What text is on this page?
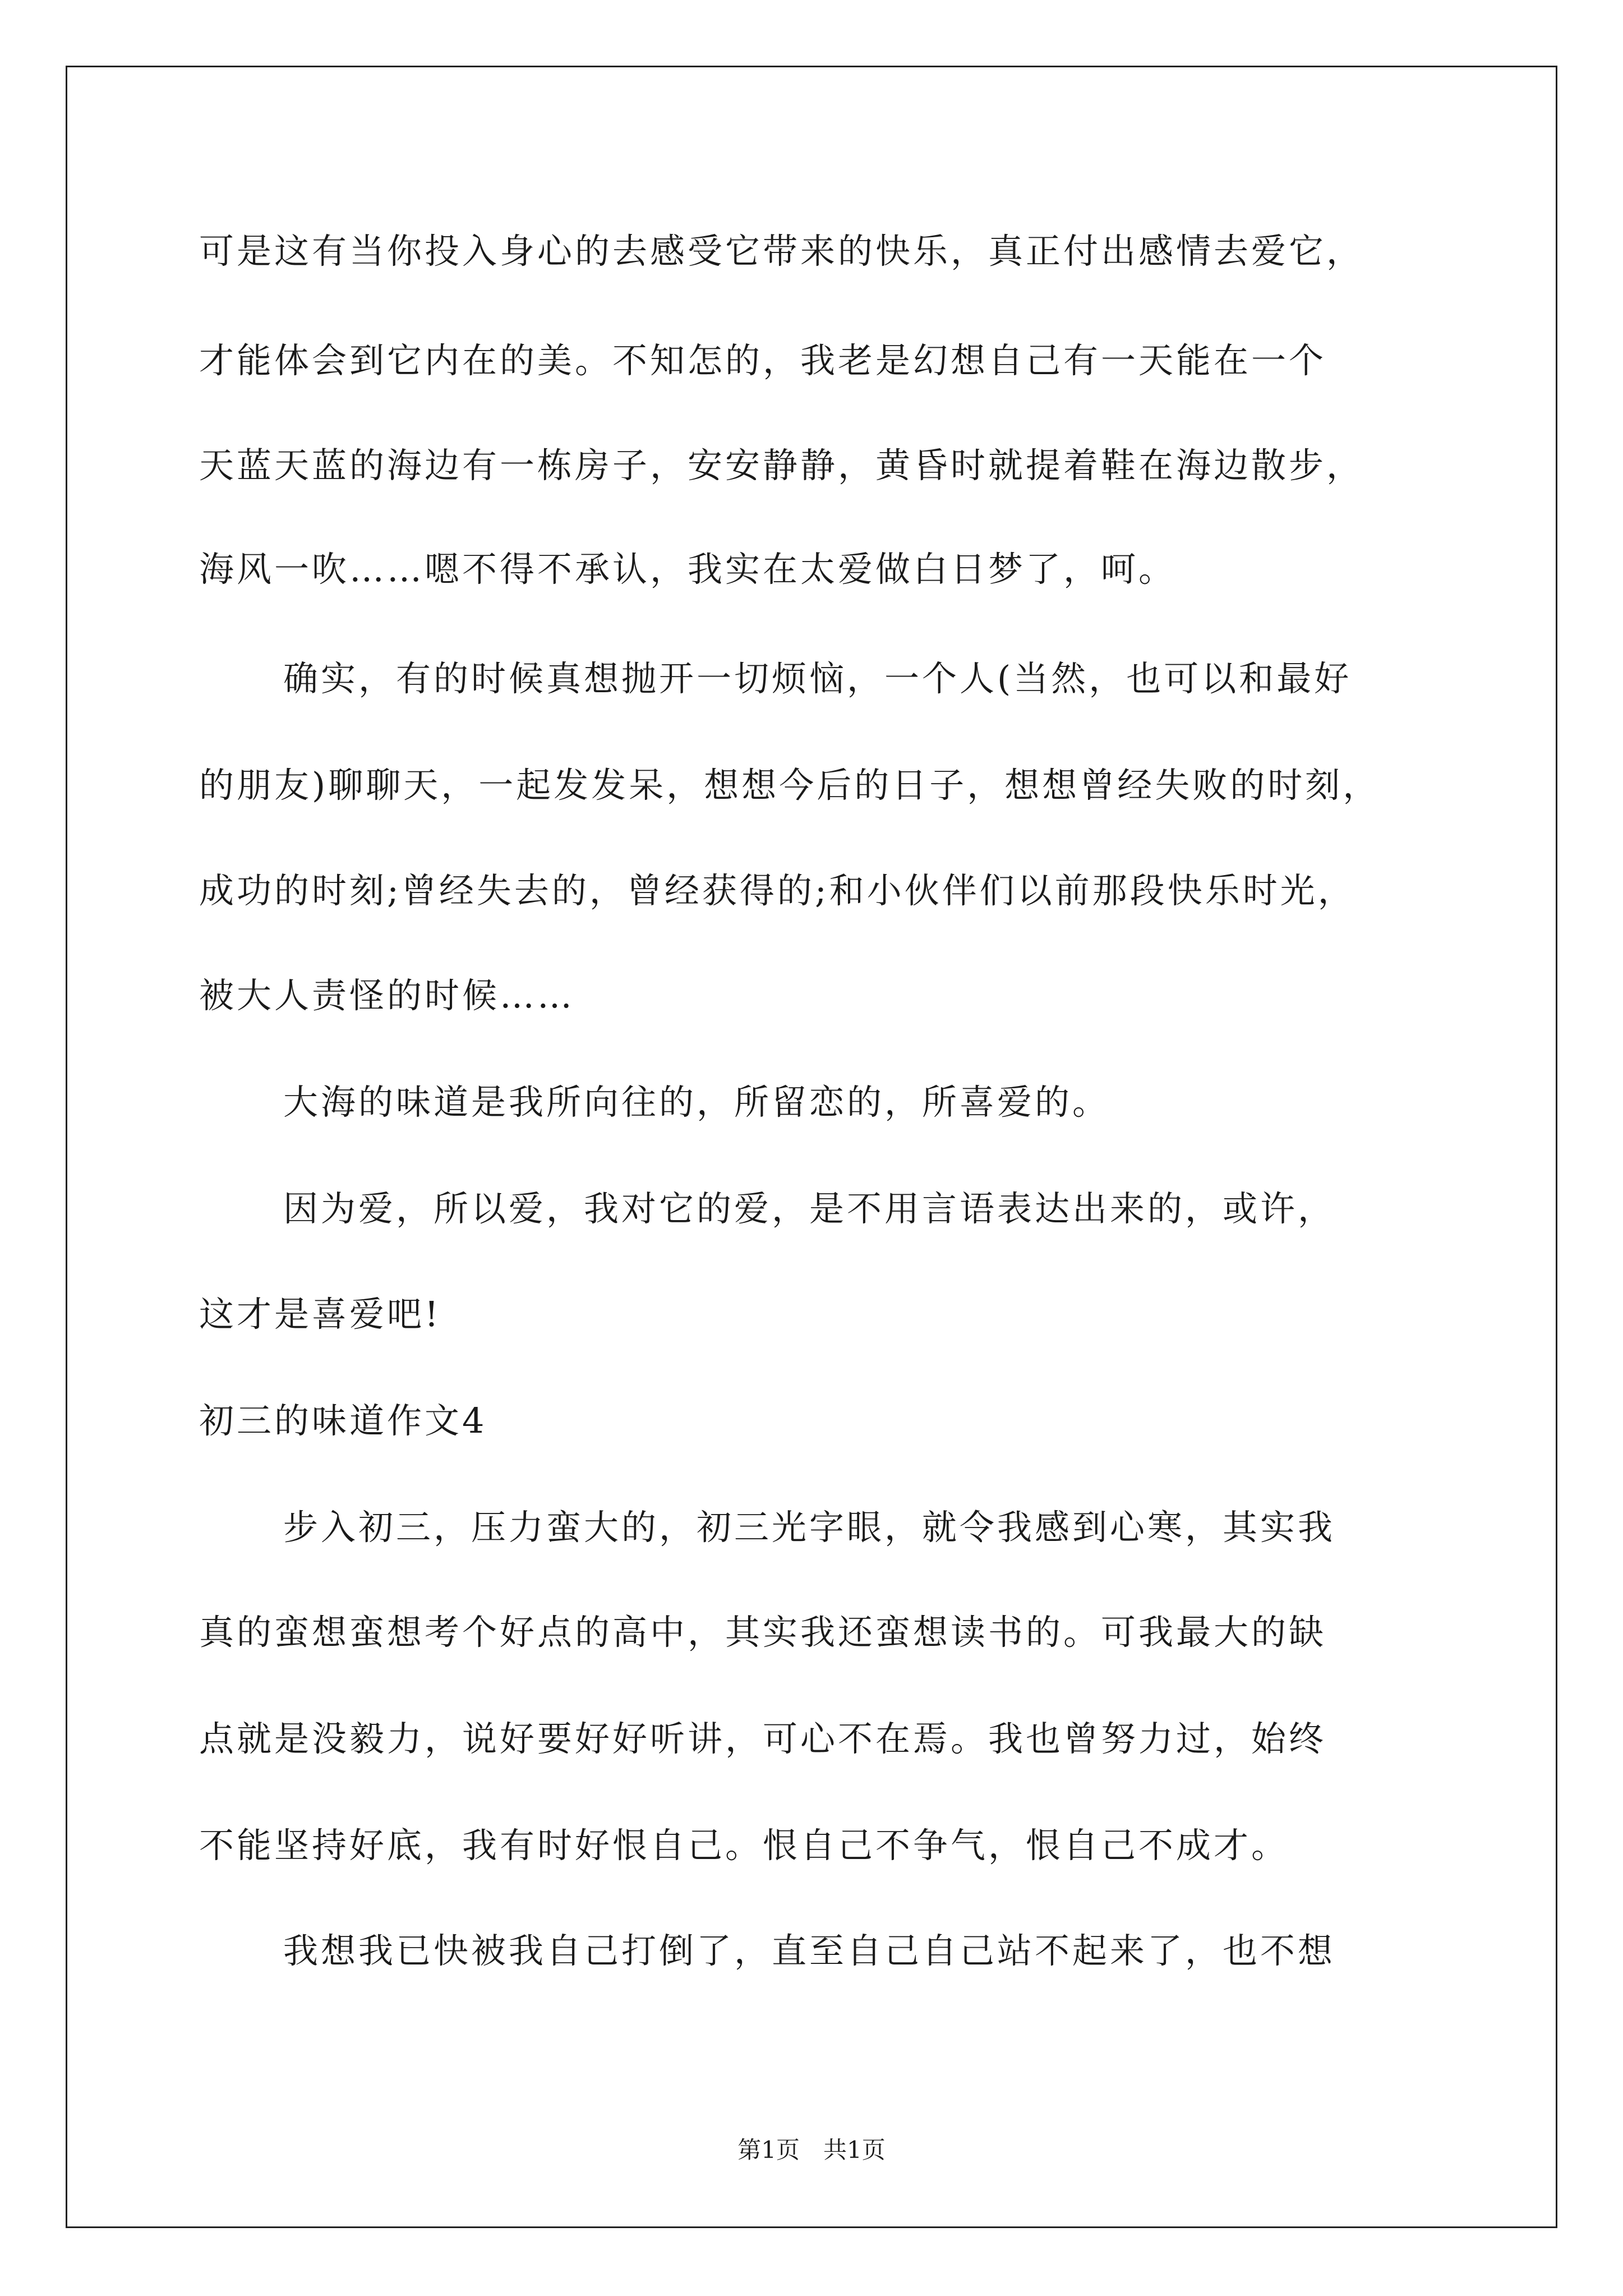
可是这有当你投入身心的去感受它带来的快乐，真正付出感情去爱它，
才能体会到它内在的美。不知怎的，我老是幻想自己有一天能在一个
天蓝天蓝的海边有一栋房子，安安静静，黄昏时就提着鞋在海边散步，
海风一吹……嗯不得不承认，我实在太爱做白日梦了，呵。
确实，有的时候真想抛开一切烦恼，一个人(当然，也可以和最好
的朋友)聊聊天，一起发发呆，想想今后的日子，想想曾经失败的时刻，
成功的时刻;曾经失去的，曾经获得的;和小伙伴们以前那段快乐时光，
被大人责怪的时候……
大海的味道是我所向往的，所留恋的，所喜爱的。
因为爱，所以爱，我对它的爱，是不用言语表达出来的，或许，
这才是喜爱吧!
初三的味道作文4
步入初三，压力蛮大的，初三光字眼，就令我感到心寒，其实我
真的蛮想蛮想考个好点的高中，其实我还蛮想读书的。可我最大的缺
点就是没毅力，说好要好好听讲，可心不在焉。我也曾努力过，始终
不能坚持好底，我有时好恨自己。恨自己不争气，恨自己不成才。
我想我已快被我自己打倒了，直至自己自己站不起来了，也不想
第1页　共1页
